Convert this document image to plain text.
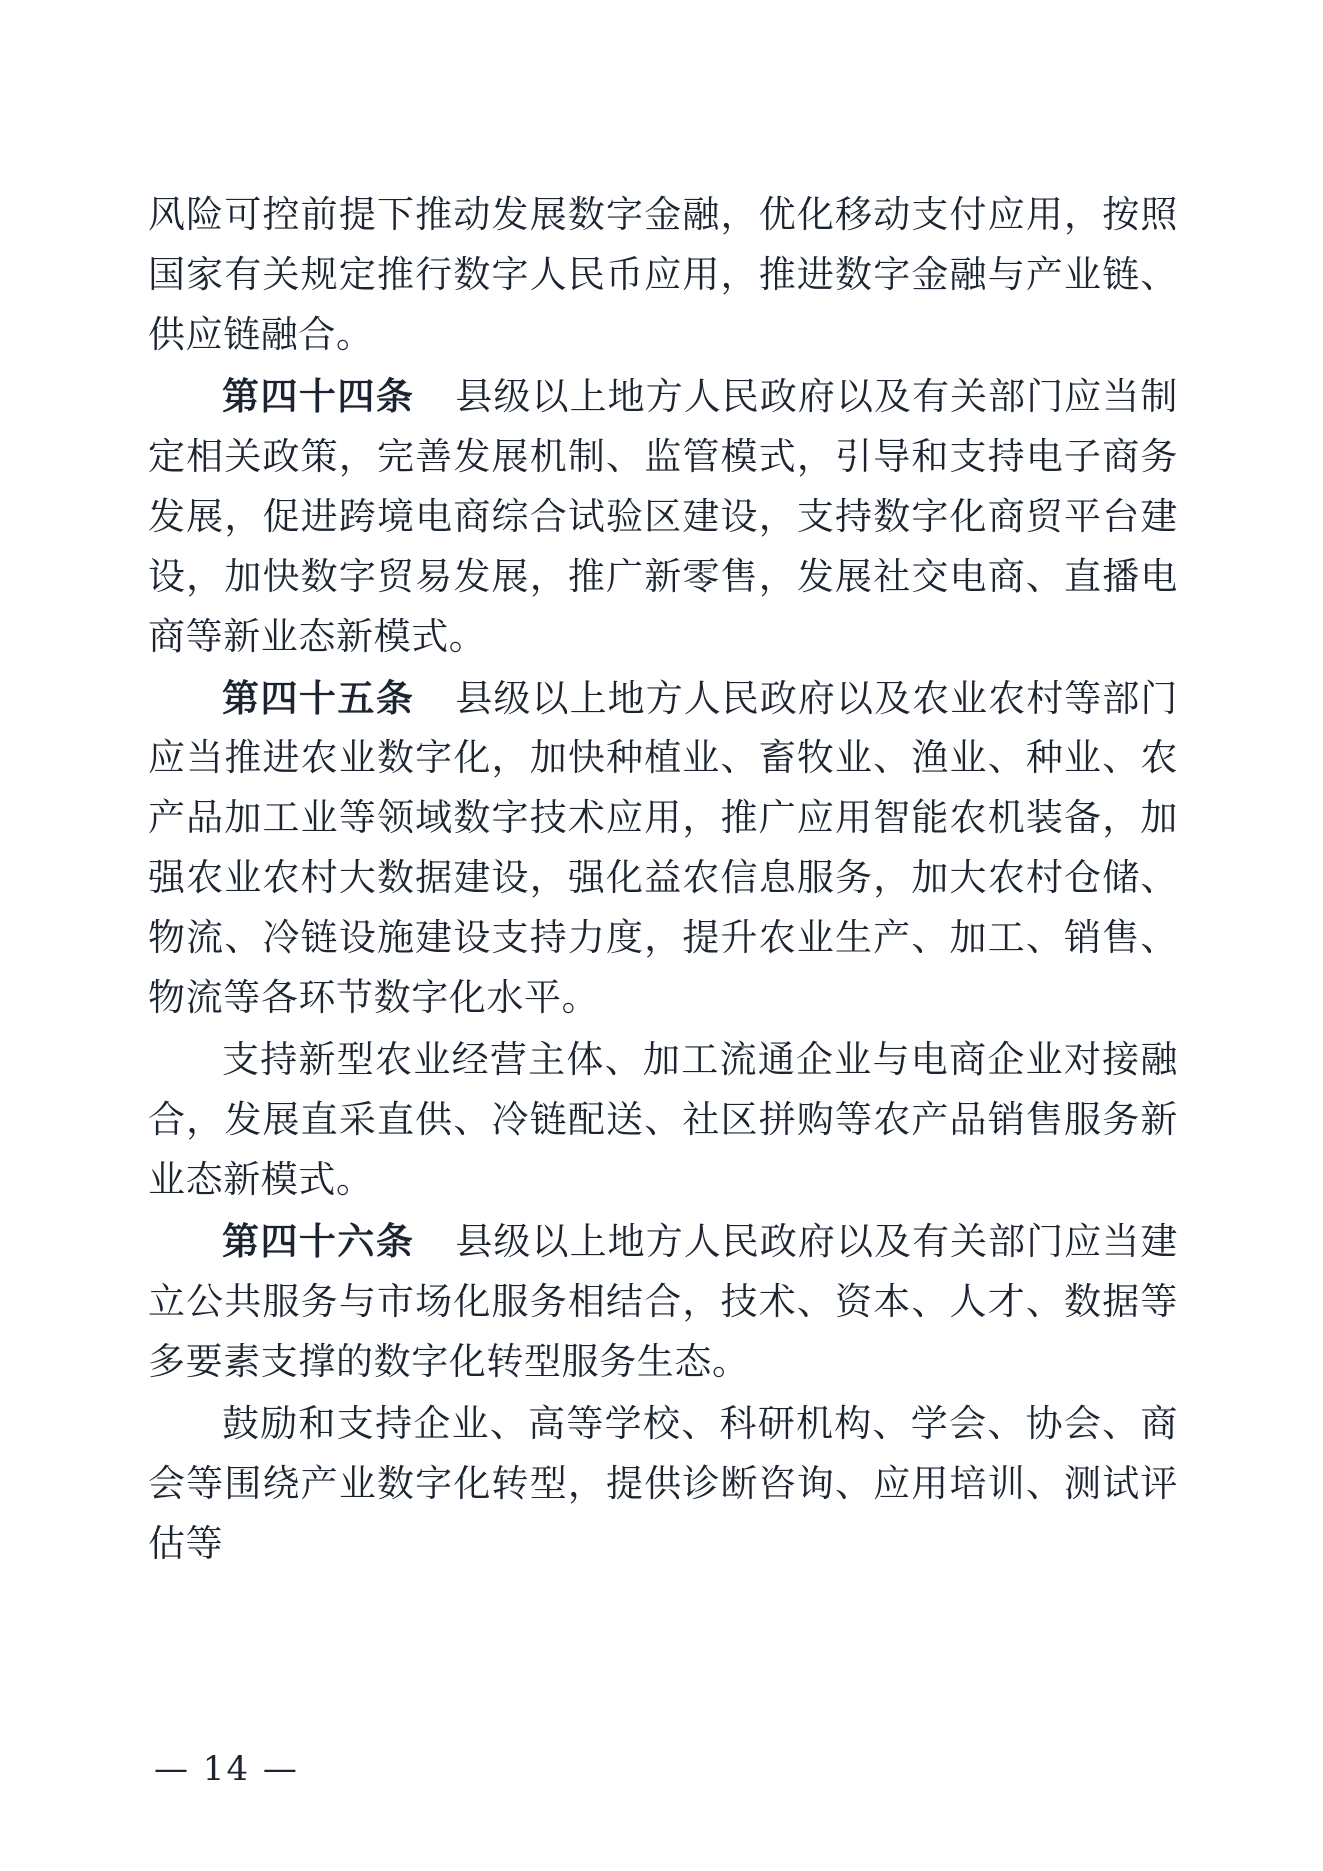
风险可控前提下推动发展数字金融，优化移动支付应用，按照国家有关规定推行数字人民币应用，推进数字金融与产业链、供应链融合。

第四十四条 县级以上地方人民政府以及有关部门应当制定相关政策，完善发展机制、监管模式，引导和支持电子商务发展，促进跨境电商综合试验区建设，支持数字化商贸平台建设，加快数字贸易发展，推广新零售，发展社交电商、直播电商等新业态新模式。

第四十五条 县级以上地方人民政府以及农业农村等部门应当推进农业数字化，加快种植业、畜牧业、渔业、种业、农产品加工业等领域数字技术应用，推广应用智能农机装备，加强农业农村大数据建设，强化益农信息服务，加大农村仓储、物流、冷链设施建设支持力度，提升农业生产、加工、销售、物流等各环节数字化水平。

支持新型农业经营主体、加工流通企业与电商企业对接融合，发展直采直供、冷链配送、社区拼购等农产品销售服务新业态新模式。

第四十六条 县级以上地方人民政府以及有关部门应当建立公共服务与市场化服务相结合，技术、资本、人才、数据等多要素支撑的数字化转型服务生态。

鼓励和支持企业、高等学校、科研机构、学会、协会、商会等围绕产业数字化转型，提供诊断咨询、应用培训、测试评估等

— 14 —
